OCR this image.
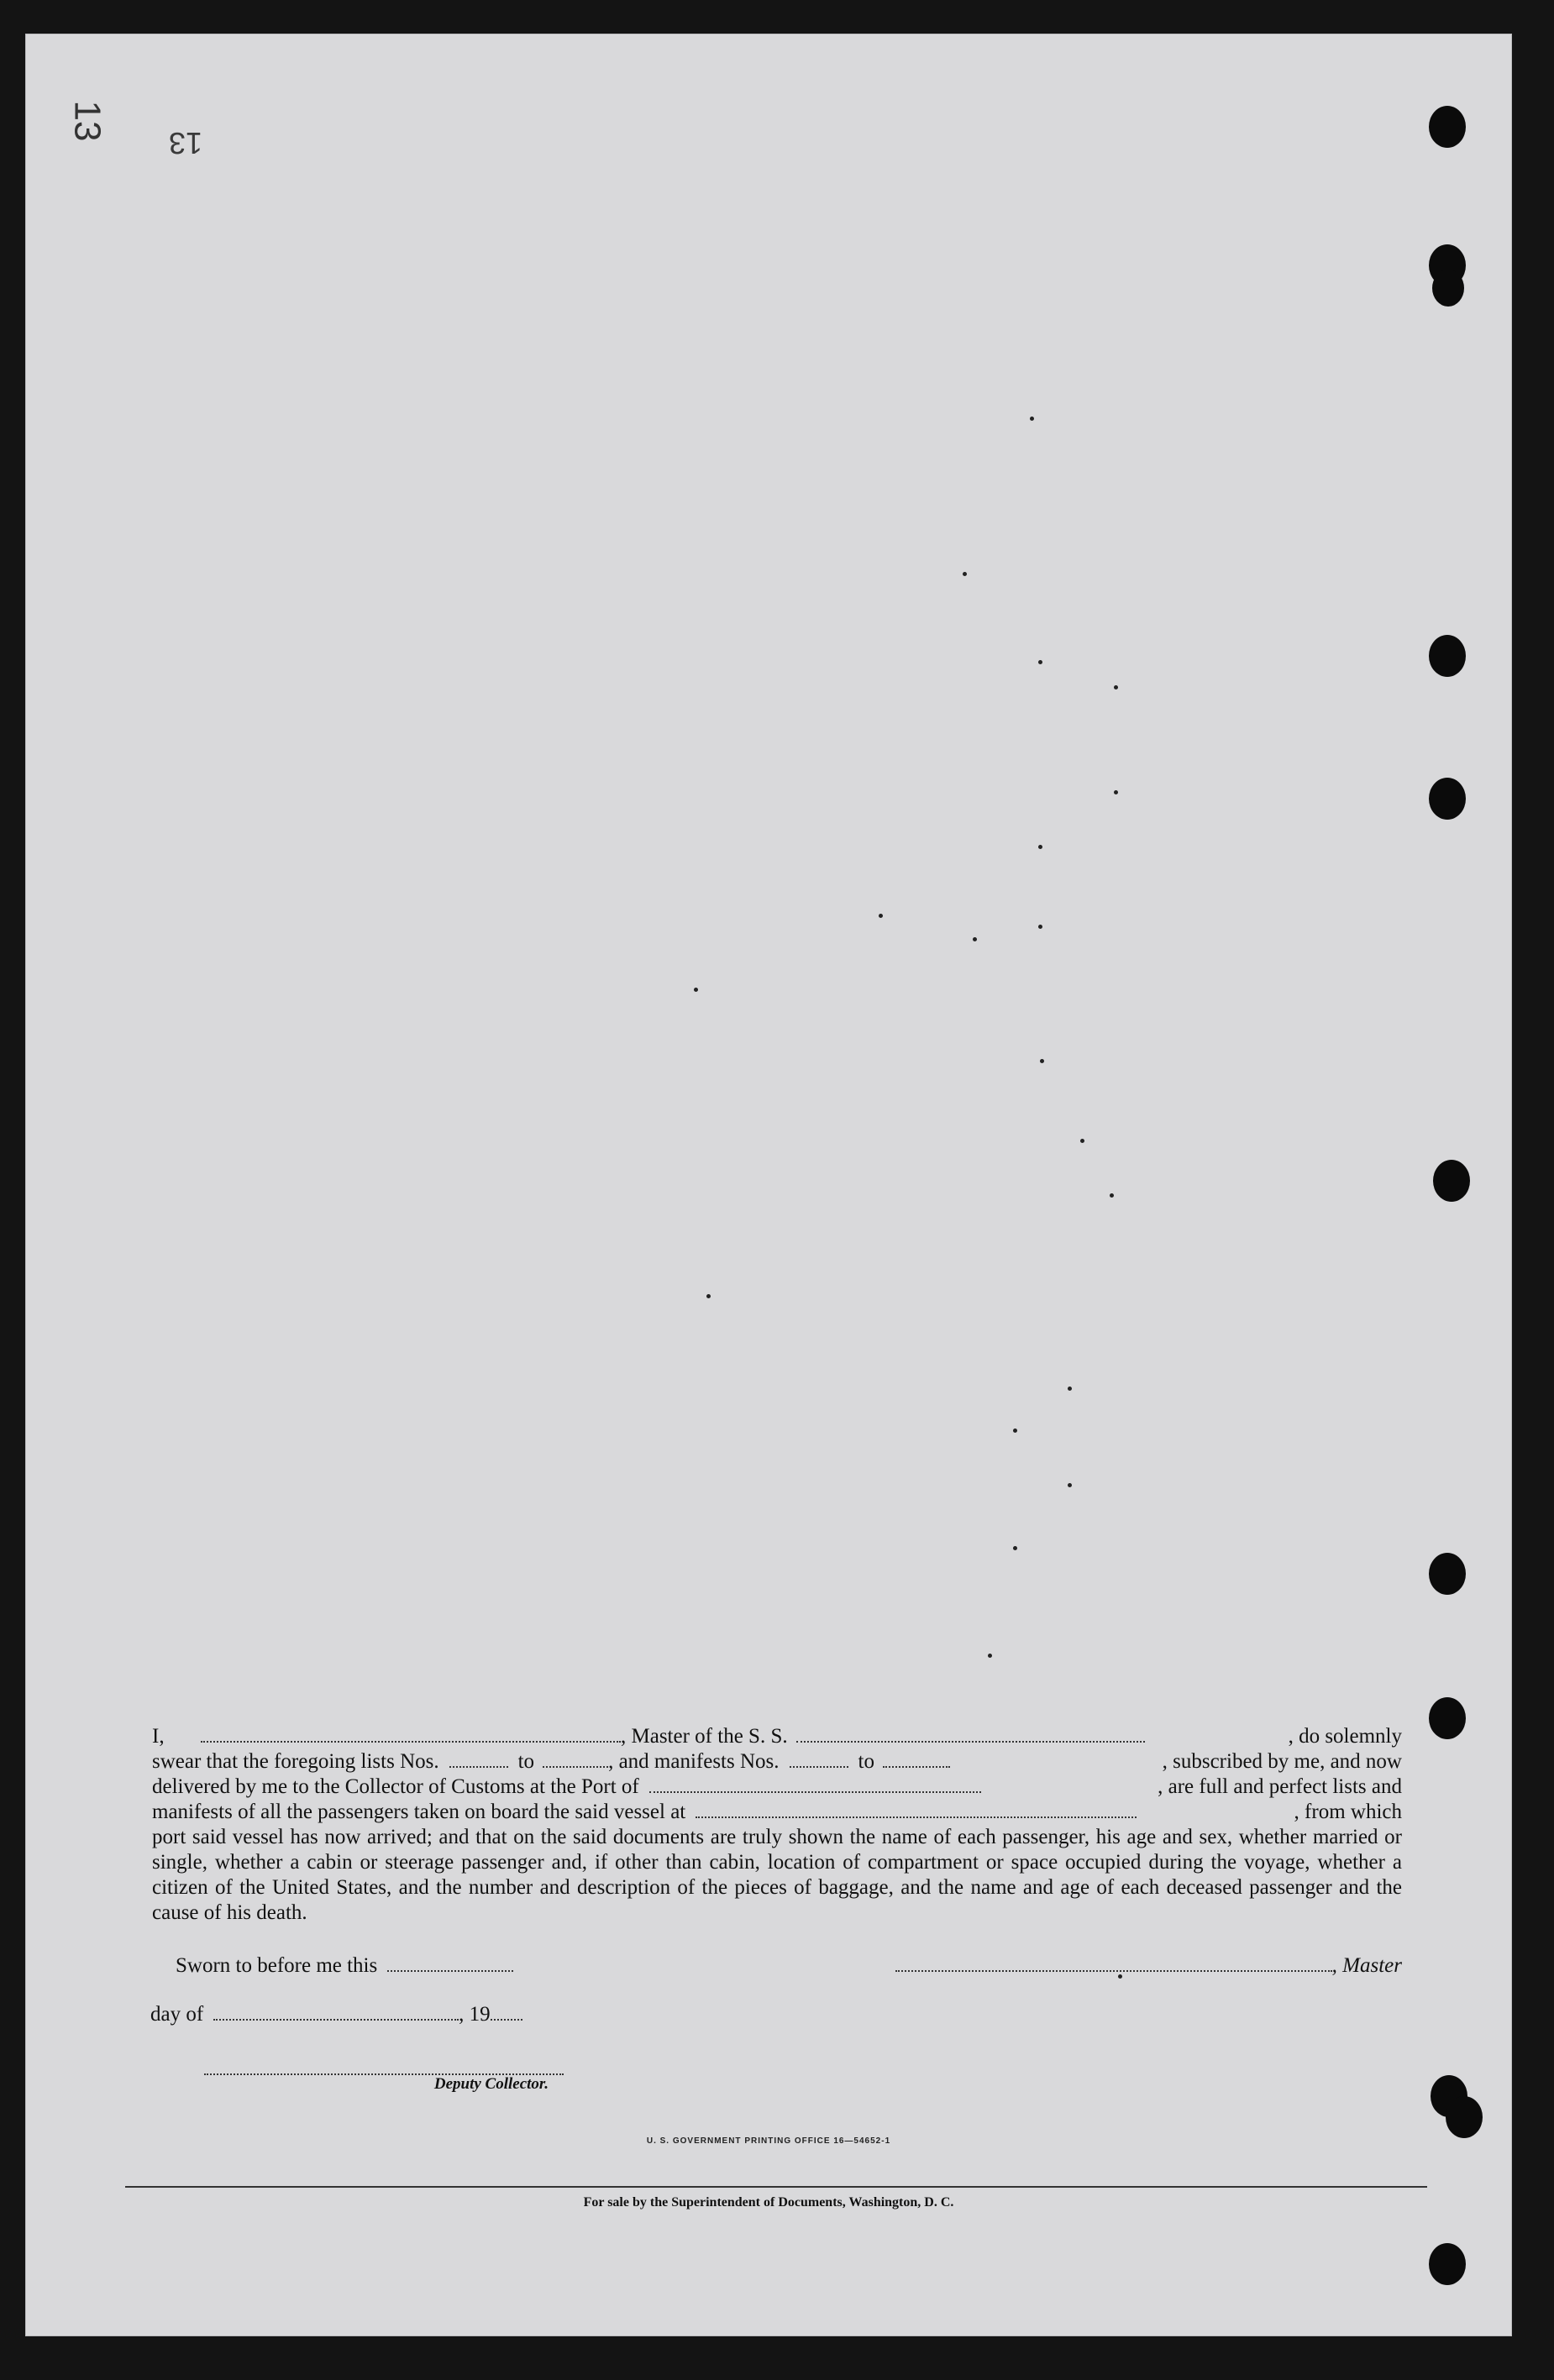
13
13
I,	, Master of the S. S.	, do solemnly
swear that the foregoing lists Nos.	to	, and manifests Nos.	to	, subscribed by me, and now
delivered by me to the Collector of Customs at the Port of	, are full and perfect lists and
manifests of all the passengers taken on board the said vessel at	, from which
port said vessel has now arrived; and that on the said documents are truly shown the name of each passenger, his age and sex, whether married or single, whether a cabin or steerage passenger and, if other than cabin, location of compartment or space occupied during the voyage, whether a citizen of the United States, and the number and description of the pieces of baggage, and the name and age of each deceased passenger and the cause of his death.
Sworn to before me this	, Master
day of	, 19
Deputy Collector.
U. S. GOVERNMENT PRINTING OFFICE 16—54652-1
For sale by the Superintendent of Documents, Washington, D. C.
